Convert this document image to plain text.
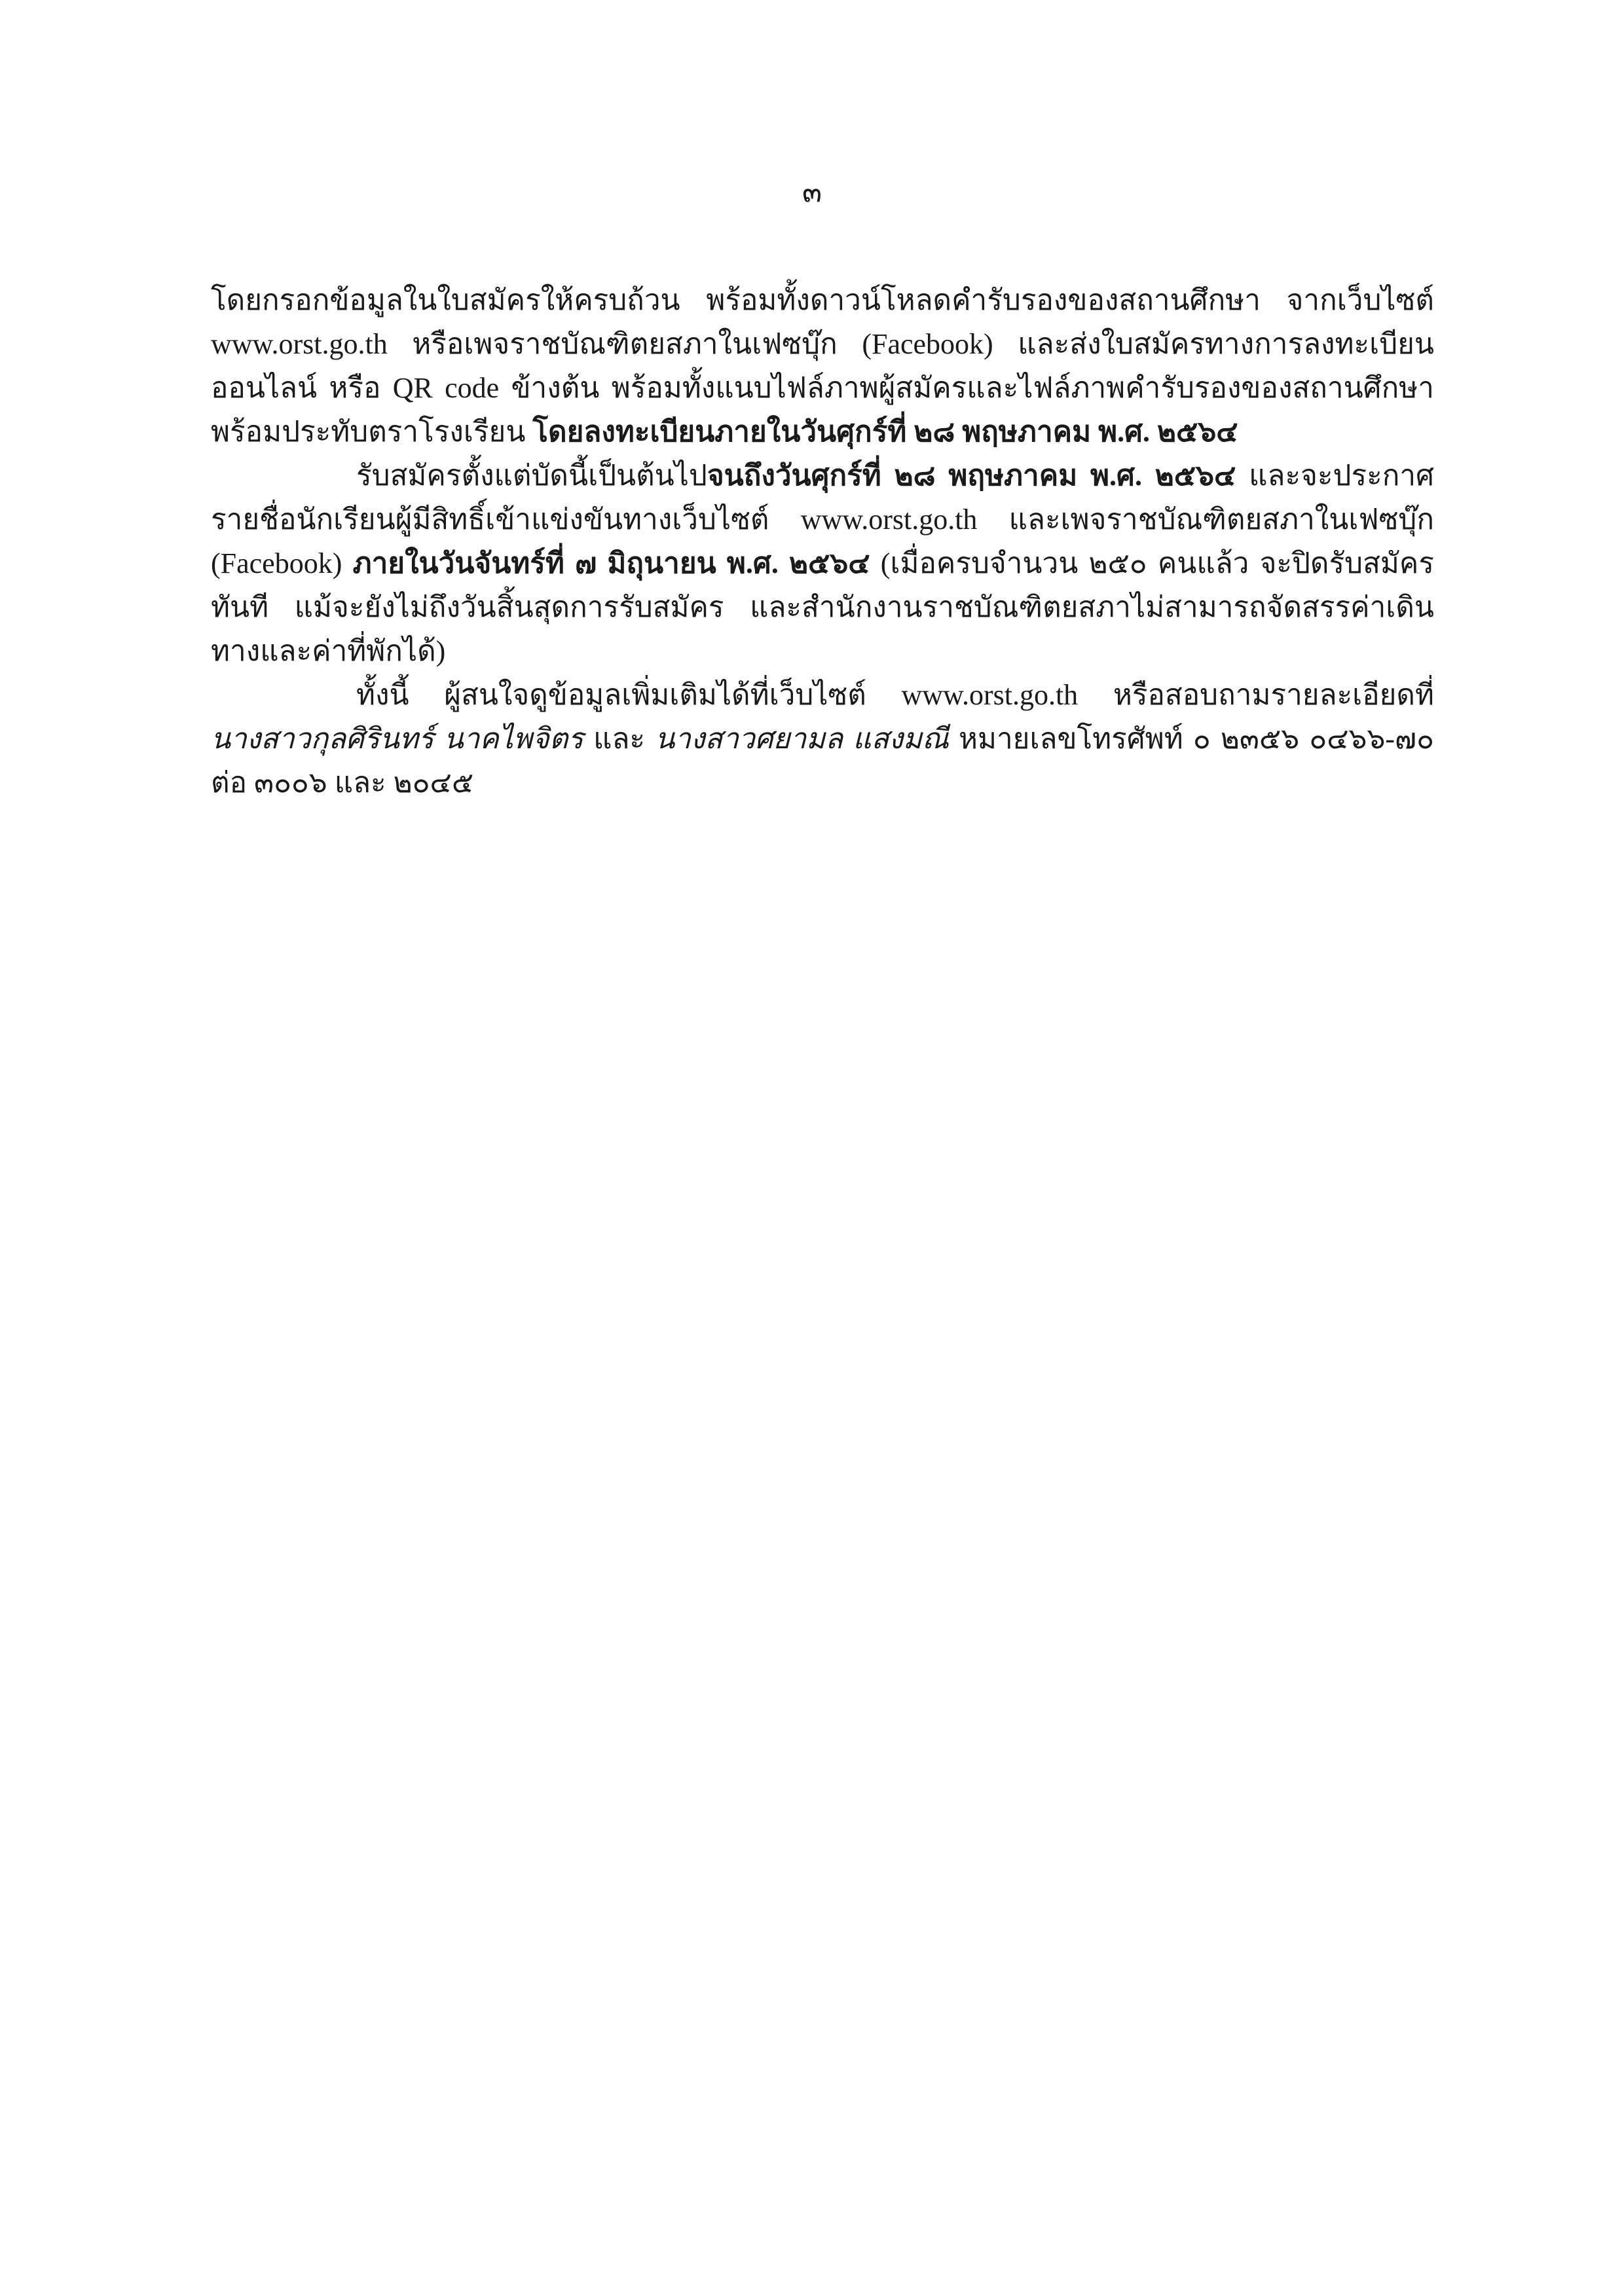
๓

โดยกรอกข้อมูลในใบสมัครให้ครบถ้วน พร้อมทั้งดาวน์โหลดคำรับรองของสถานศึกษา จากเว็บไซต์ www.orst.go.th หรือเพจราชบัณฑิตยสภาในเฟซบุ๊ก (Facebook) และส่งใบสมัครทางการลงทะเบียนออนไลน์ หรือ QR code ข้างต้น พร้อมทั้งแนบไฟล์ภาพผู้สมัครและไฟล์ภาพคำรับรองของสถานศึกษาพร้อมประทับตราโรงเรียน โดยลงทะเบียนภายในวันศุกร์ที่ ๒๘ พฤษภาคม พ.ศ. ๒๕๖๔

รับสมัครตั้งแต่บัดนี้เป็นต้นไปจนถึงวันศุกร์ที่ ๒๘ พฤษภาคม พ.ศ. ๒๕๖๔ และจะประกาศรายชื่อนักเรียนผู้มีสิทธิ์เข้าแข่งขันทางเว็บไซต์ www.orst.go.th และเพจราชบัณฑิตยสภาในเฟซบุ๊ก (Facebook) ภายในวันจันทร์ที่ ๗ มิถุนายน พ.ศ. ๒๕๖๔ (เมื่อครบจำนวน ๒๕๐ คนแล้ว จะปิดรับสมัครทันที แม้จะยังไม่ถึงวันสิ้นสุดการรับสมัคร และสำนักงานราชบัณฑิตยสภาไม่สามารถจัดสรรค่าเดินทางและค่าที่พักได้)

ทั้งนี้ ผู้สนใจดูข้อมูลเพิ่มเติมได้ที่เว็บไซต์ www.orst.go.th หรือสอบถามรายละเอียดที่ นางสาวกุลศิรินทร์ นาคไพจิตร และ นางสาวศยามล แสงมณี หมายเลขโทรศัพท์ ๐ ๒๓๕๖ ๐๔๖๖-๗๐ ต่อ ๓๐๐๖ และ ๒๐๔๕
